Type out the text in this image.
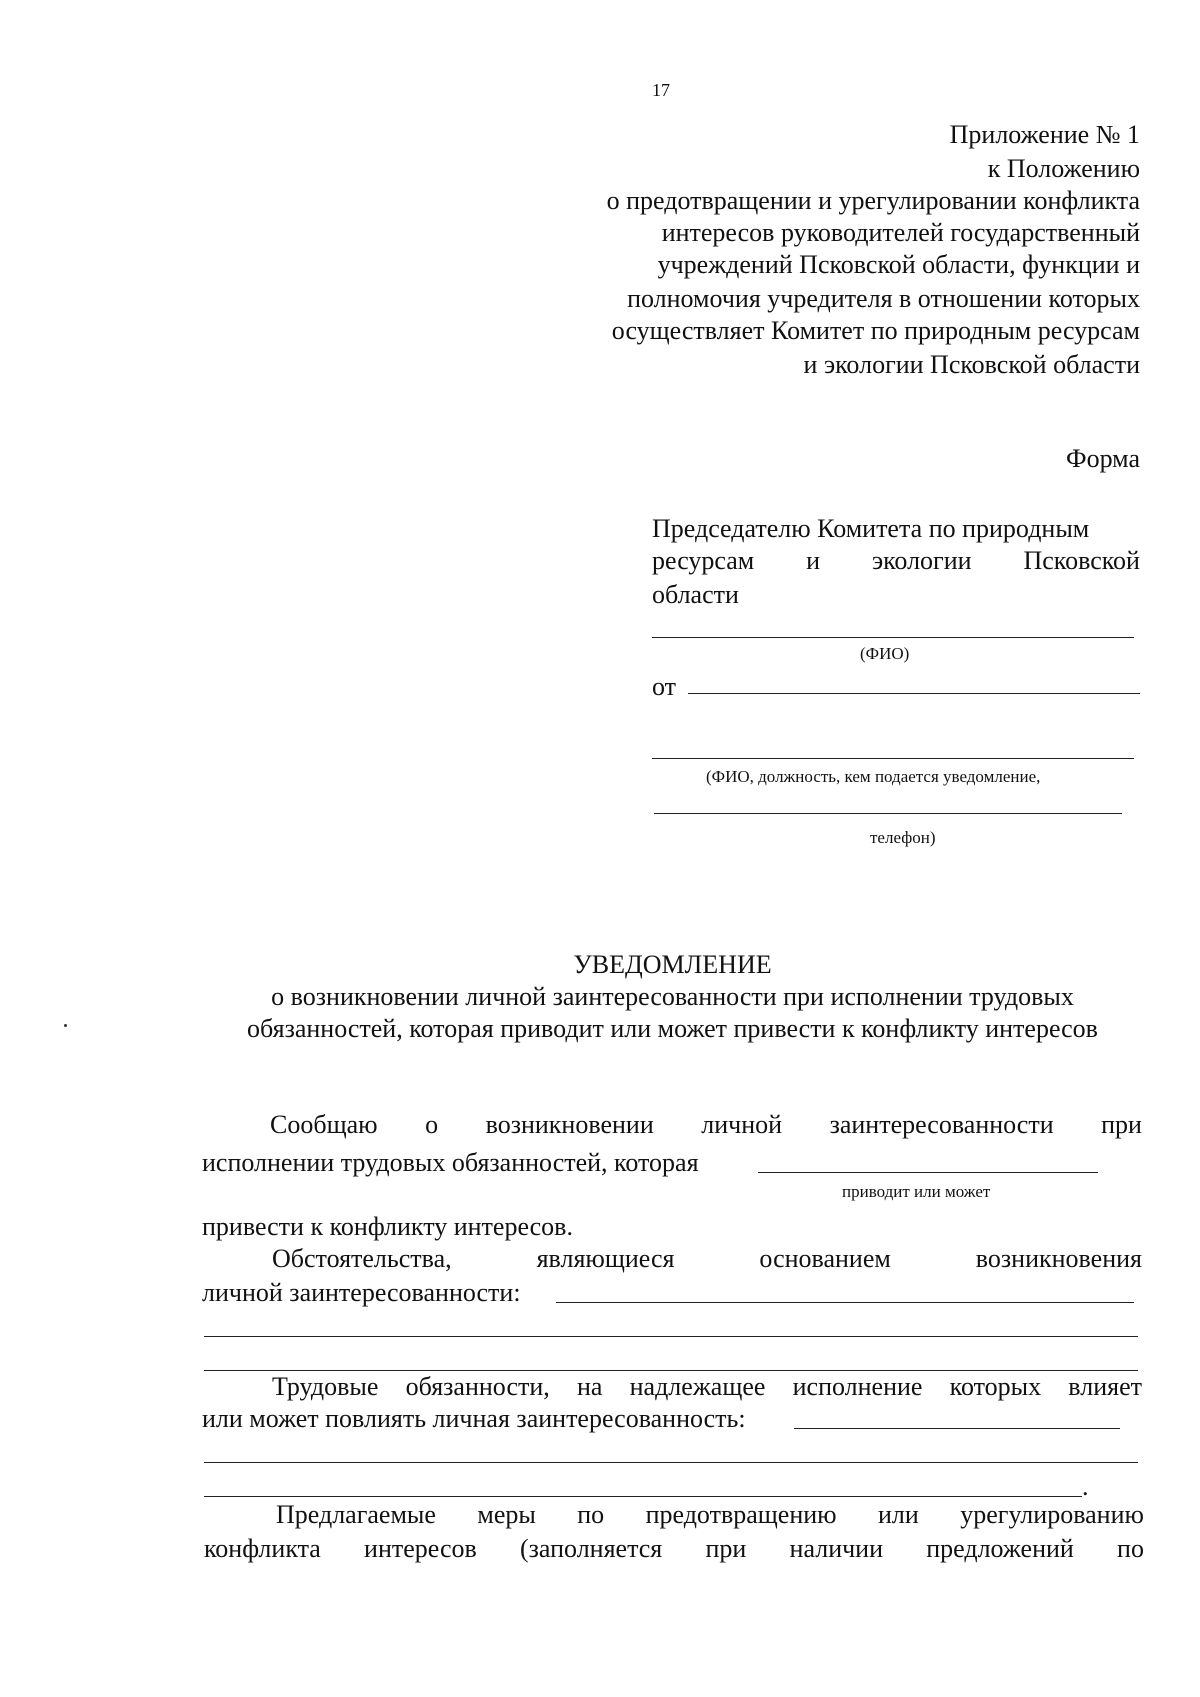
17
Приложение № 1
к Положению
о предотвращении и урегулировании конфликта
интересов руководителей государственный
учреждений Псковской области, функции и
полномочия учредителя в отношении которых
осуществляет Комитет по природным ресурсам
и экологии Псковской области
Форма
Председателю Комитета по природным
ресурсам и экологии Псковской
области
(ФИО)
от
(ФИО, должность, кем подается уведомление,
телефон)
УВЕДОМЛЕНИЕ
о возникновении личной заинтересованности при исполнении трудовых
обязанностей, которая приводит или может привести к конфликту интересов
Сообщаю о возникновении личной заинтересованности при
исполнении трудовых обязанностей, которая
приводит или может
привести к конфликту интересов.
Обстоятельства,	являющиеся	основанием	возникновения
личной заинтересованности:
Трудовые обязанности, на надлежащее исполнение которых влияет
или может повлиять личная заинтересованность:
.
Предлагаемые меры по предотвращению или урегулированию
конфликта интересов (заполняется при наличии предложений по
